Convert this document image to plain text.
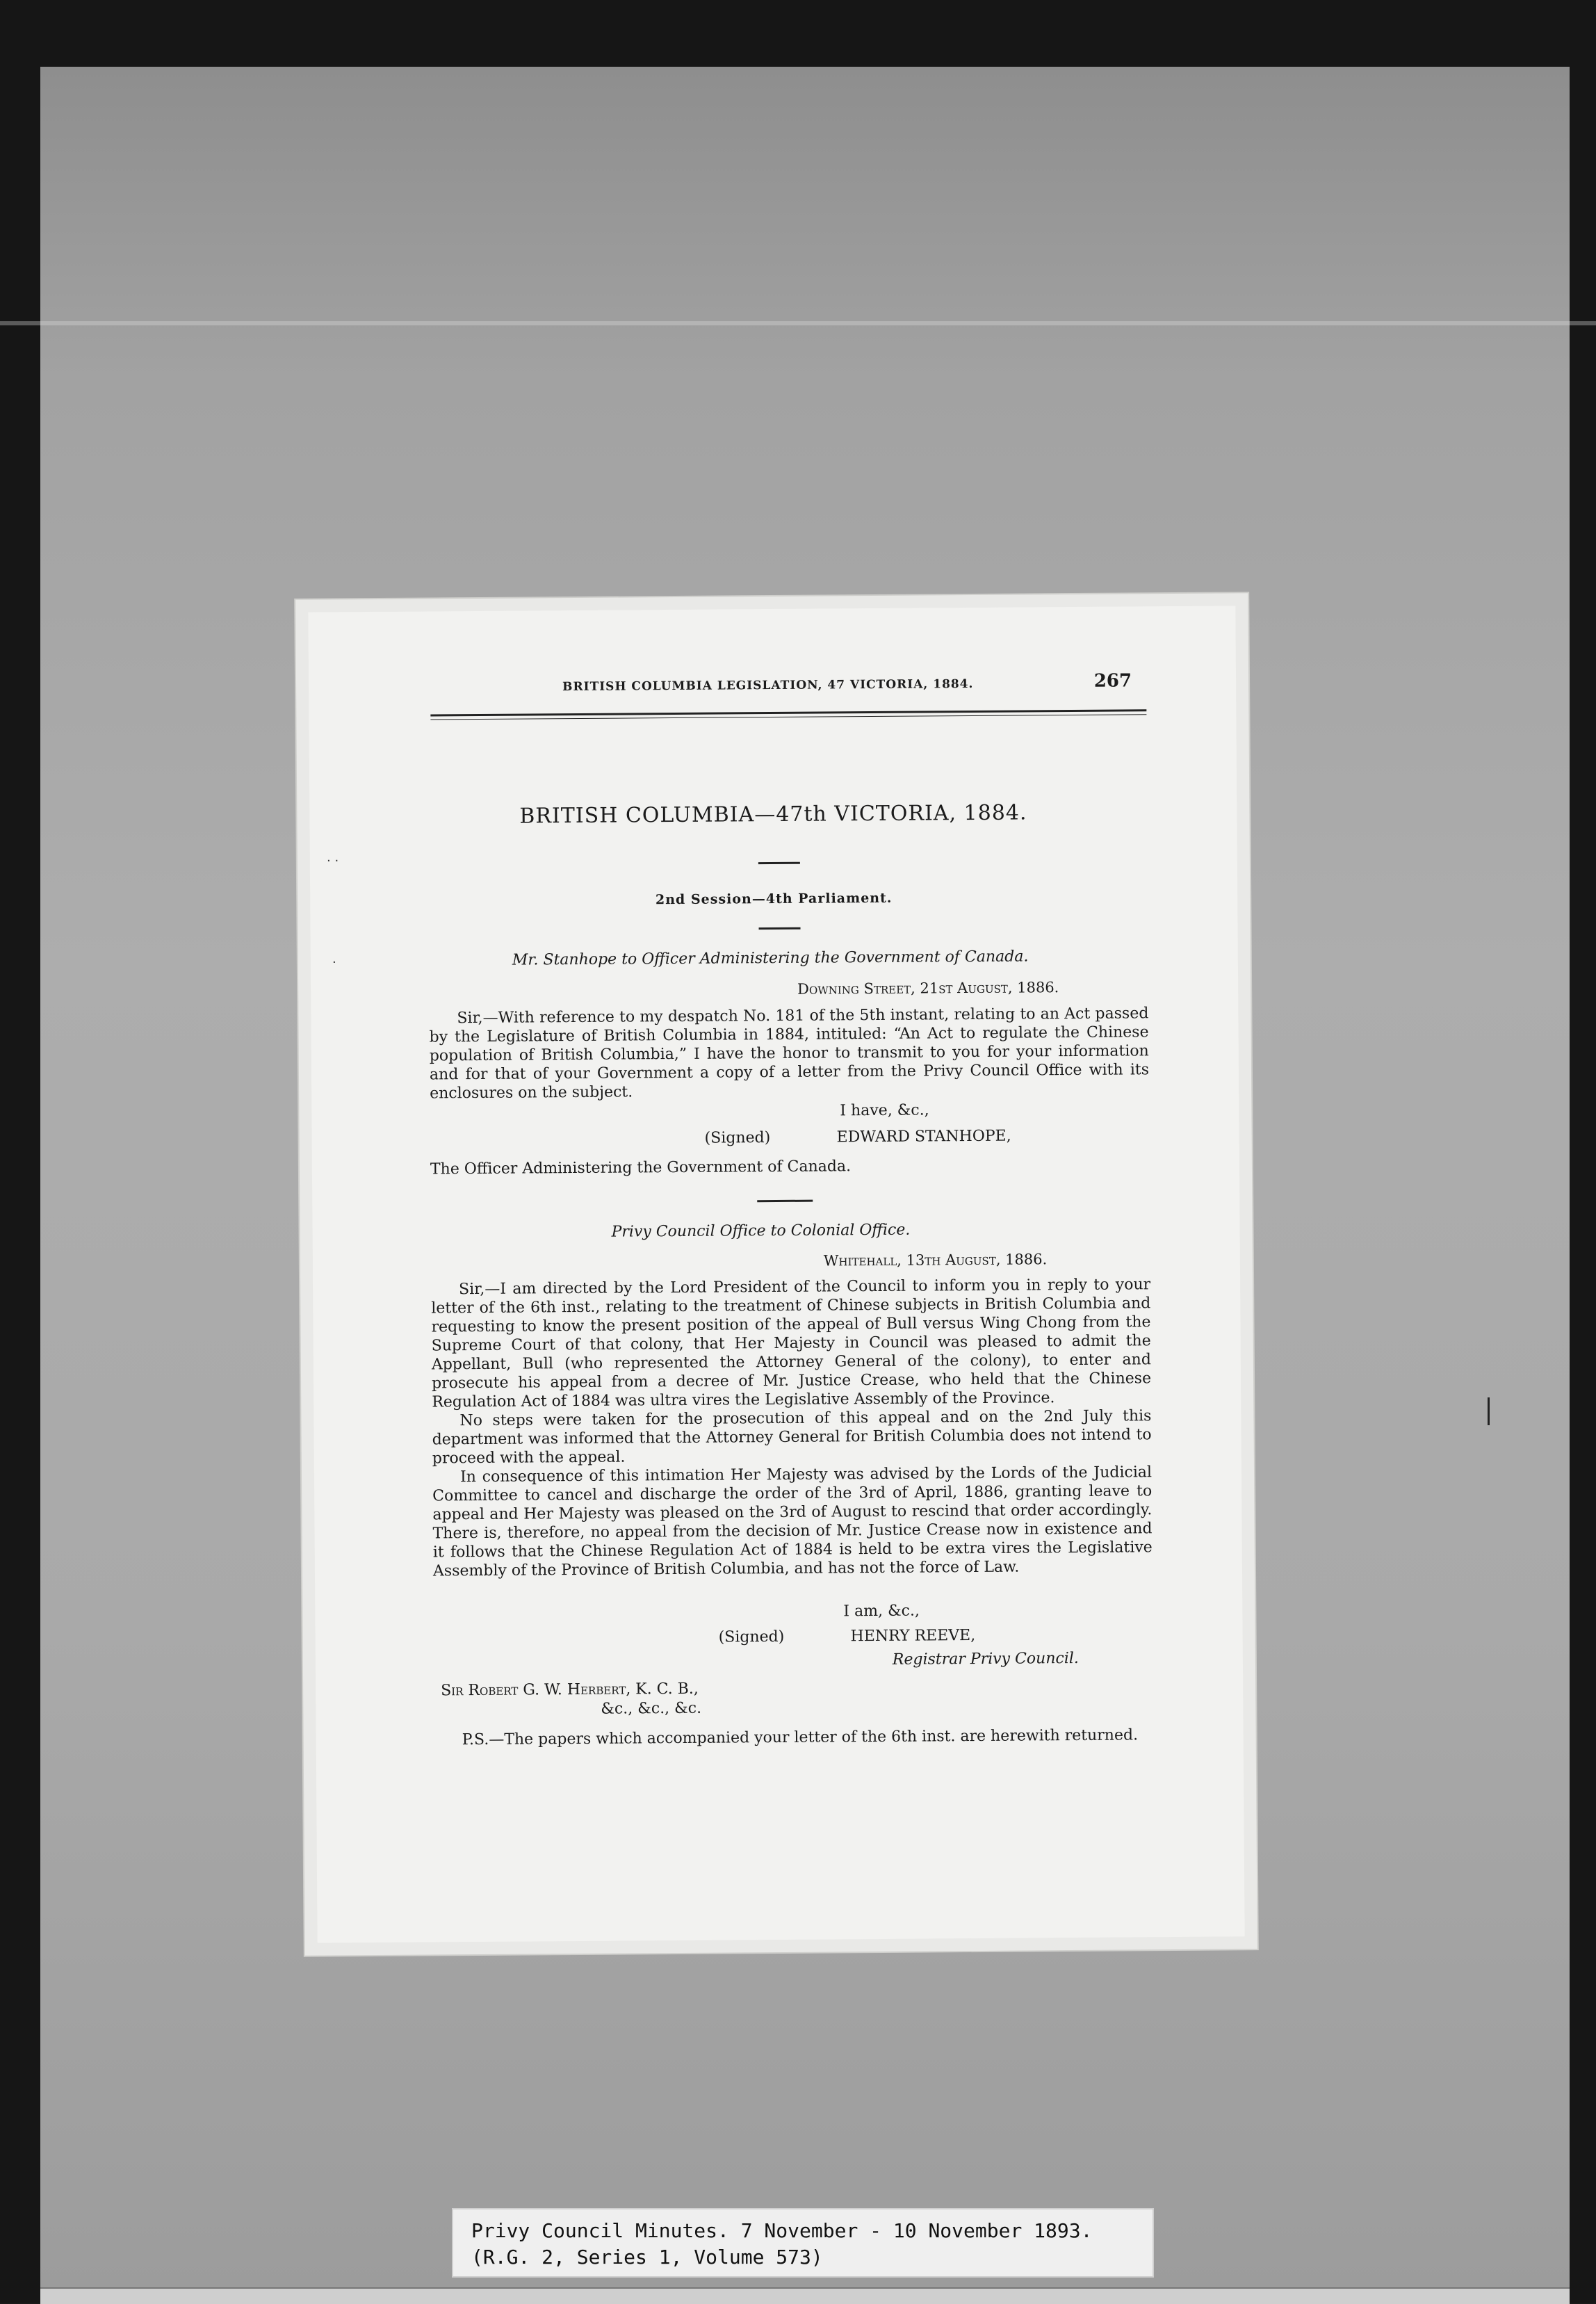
BRITISH COLUMBIA LEGISLATION, 47 VICTORIA, 1884.	267
BRITISH COLUMBIA—47th VICTORIA, 1884.
2nd Session—4th Parliament.
Mr. Stanhope to Officer Administering the Government of Canada.
Downing Street, 21st August, 1886.

Sir,—With reference to my despatch No. 181 of the 5th instant, relating to an Act passed by the Legislature of British Columbia in 1884, intituled: “An Act to regulate the Chinese population of British Columbia,” I have the honor to transmit to you for your information and for that of your Government a copy of a letter from the Privy Council Office with its enclosures on the subject.

I have, &c.,
(Signed)	EDWARD STANHOPE,
The Officer Administering the Government of Canada.
Privy Council Office to Colonial Office.
Whitehall, 13th August, 1886.

Sir,—I am directed by the Lord President of the Council to inform you in reply to your letter of the 6th inst., relating to the treatment of Chinese subjects in British Columbia and requesting to know the present position of the appeal of Bull versus Wing Chong from the Supreme Court of that colony, that Her Majesty in Council was pleased to admit the Appellant, Bull (who represented the Attorney General of the colony), to enter and prosecute his appeal from a decree of Mr. Justice Crease, who held that the Chinese Regulation Act of 1884 was ultra vires the Legislative Assembly of the Province.

No steps were taken for the prosecution of this appeal and on the 2nd July this department was informed that the Attorney General for British Columbia does not intend to proceed with the appeal.

In consequence of this intimation Her Majesty was advised by the Lords of the Judicial Committee to cancel and discharge the order of the 3rd of April, 1886, granting leave to appeal and Her Majesty was pleased on the 3rd of August to rescind that order accordingly. There is, therefore, no appeal from the decision of Mr. Justice Crease now in existence and it follows that the Chinese Regulation Act of 1884 is held to be extra vires the Legislative Assembly of the Province of British Columbia, and has not the force of Law.

I am, &c.,
(Signed)	HENRY REEVE,
Registrar Privy Council.
Sir Robert G. W. Herbert, K. C. B.,
&c., &c., &c.

P.S.—The papers which accompanied your letter of the 6th inst. are herewith returned.

· ·
·
Privy Council Minutes. 7 November - 10 November 1893.
(R.G. 2, Series 1, Volume 573)
